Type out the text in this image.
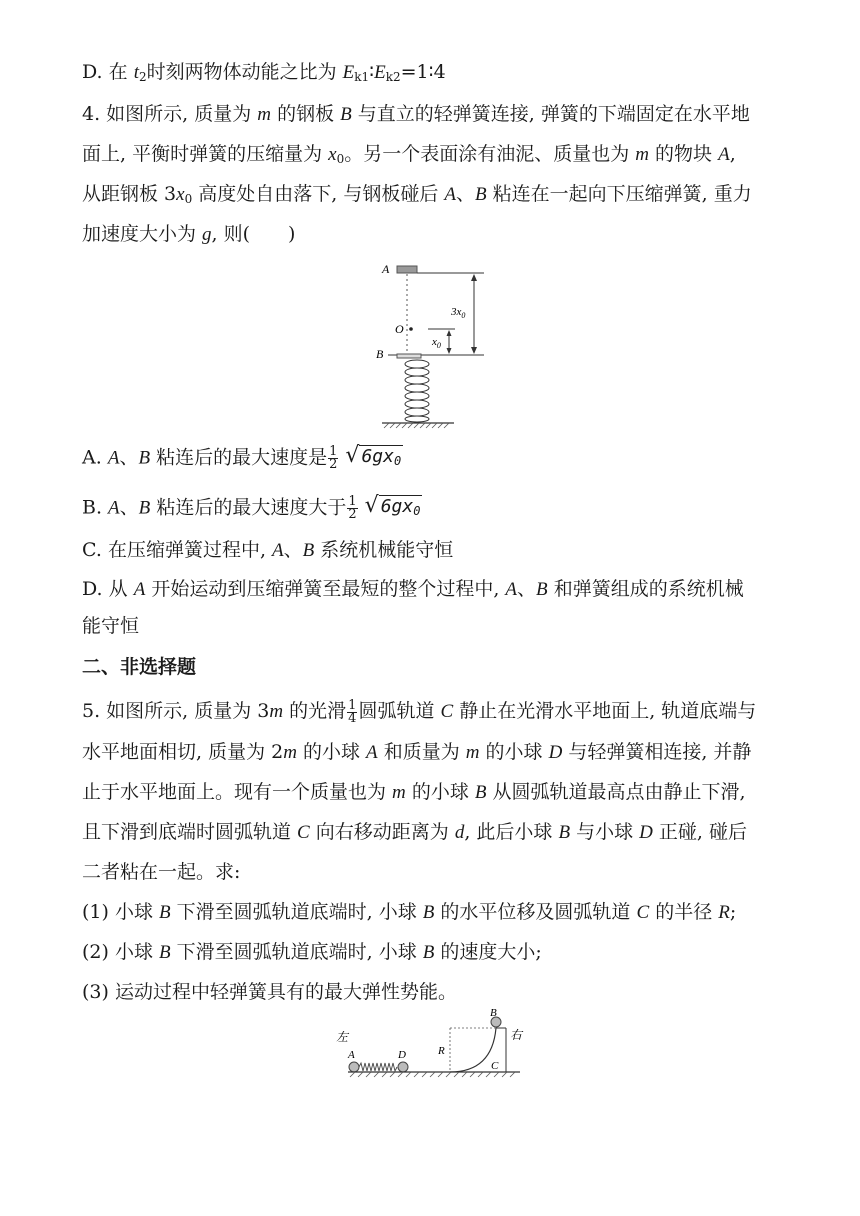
D. 在 $t_2$时刻两物体动能之比为 $E_{k1}∶E_{k2}=1∶4$
4. 如图所示, 质量为 m 的钢板 B 与直立的轻弹簧连接, 弹簧的下端固定在水平地
面上, 平衡时弹簧的压缩量为 $x_0$。另一个表面涂有油泥、质量也为 m 的物块 A,
从距钢板 $3x_0$ 高度处自由落下, 与钢板碰后 A、B 粘连在一起向下压缩弹簧, 重力
加速度大小为 g, 则(　　)
A
O
B
$3x_0$
$x_0$
A. A、B 粘连后的最大速度是 $\frac{1}{2}$ √ $6gx_0$
B. A、B 粘连后的最大速度大于 $\frac{1}{2}$ √ $6gx_0$
C. 在压缩弹簧过程中, A、B 系统机械能守恒
D. 从 A 开始运动到压缩弹簧至最短的整个过程中, A、B 和弹簧组成的系统机械
能守恒
二、非选择题
5. 如图所示, 质量为 3m 的光滑 $\frac{1}{4}$ 圆弧轨道 C 静止在光滑水平地面上, 轨道底端与
水平地面相切, 质量为 2m 的小球 A 和质量为 m 的小球 D 与轻弹簧相连接, 并静
止于水平地面上。现有一个质量也为 m 的小球 B 从圆弧轨道最高点由静止下滑,
且下滑到底端时圆弧轨道 C 向右移动距离为 d, 此后小球 B 与小球 D 正碰, 碰后
二者粘在一起。求:
(1) 小球 B 下滑至圆弧轨道底端时, 小球 B 的水平位移及圆弧轨道 C 的半径 R;
(2) 小球 B 下滑至圆弧轨道底端时, 小球 B 的速度大小;
(3) 运动过程中轻弹簧具有的最大弹性势能。
左	右
A	D	R
C
B
